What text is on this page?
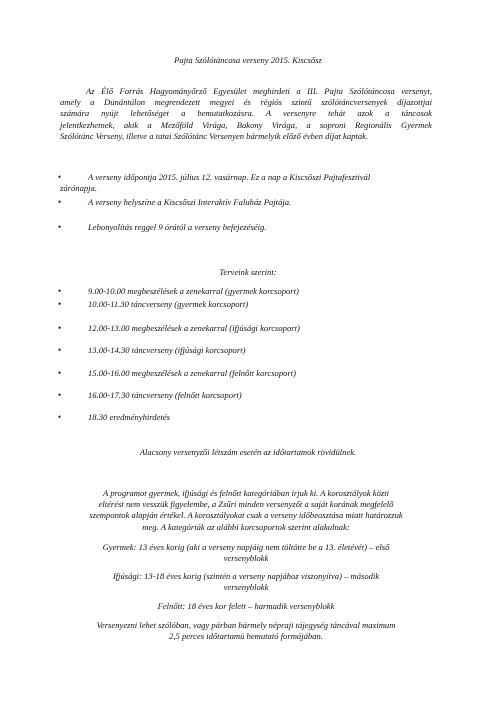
Pajta Szólótáncosa verseny 2015. Kiscsősz
Az Élő Forrás Hagyományőrző Egyesület meghirdeti a III. Pajta Szólótáncosa versenyt,
amely a Dunántúlon megrendezett megyei és régiós szintű szólótáncversenyek díjazottjai
számára nyújt lehetőséget a bemutatkozásra. A versenyre tehát azok a táncosok
jelentkezhetnek, akik a Mezőföld Virága, Bakony Virága, a soproni Regionális Gyermek
Szólótánc Verseny, illetve a tatai Szólótánc Versenyen bármelyik előző évben díjat kaptak.
•	A verseny időpontja 2015. július 12. vasárnap. Ez a nap a Kiscsőszi Pajtafesztivál
zárónapja.
•	A verseny helyszíne a Kiscsőszi Interaktív Faluház Pajtája.
•	Lebonyolítás reggel 9 órától a verseny befejezéséig.
Terveink szerint:
•	9.00-10.00 megbeszélések a zenekarral (gyermek korcsoport)
•	10.00-11.30 táncverseny (gyermek korcsoport)
•	12.00-13.00 megbeszélések a zenekarral (ifjúsági korcsoport)
•	13.00-14.30 táncverseny (ifjúsági korcsoport)
•	15.00-16.00 megbeszélések a zenekarral (felnőtt korcsoport)
•	16.00-17.30 táncverseny (felnőtt korcsoport)
•	18.30 eredményhirdetés
Alacsony versenyzői létszám esetén az időtartamok rövidülnek.
A programot gyermek, ifjúsági és felnőtt kategóriában írjuk ki. A korosztályok közti
eltérést nem vesszük figyelembe, a Zsűri minden versenyzőt a saját korának megfelelő
szempontok alapján értékel. A korosztályokat csak a verseny időbeosztása miatt határozzuk
meg. A kategóriák az alábbi korcsoportok szerint alakulnak:
Gyermek: 13 éves korig (aki a verseny napjáig nem töltötte be a 13. életévét) – első
versenyblokk
Ifjúsági: 13-18 éves korig (szintén a verseny napjához viszonyítva) – második
versenyblokk
Felnőtt: 18 éves kor felett – harmadik versenyblokk
Versenyezni lehet szólóban, vagy párban bármely népraji tájegység táncával maximum
2,5 perces időtartamú bemutató formájában.
